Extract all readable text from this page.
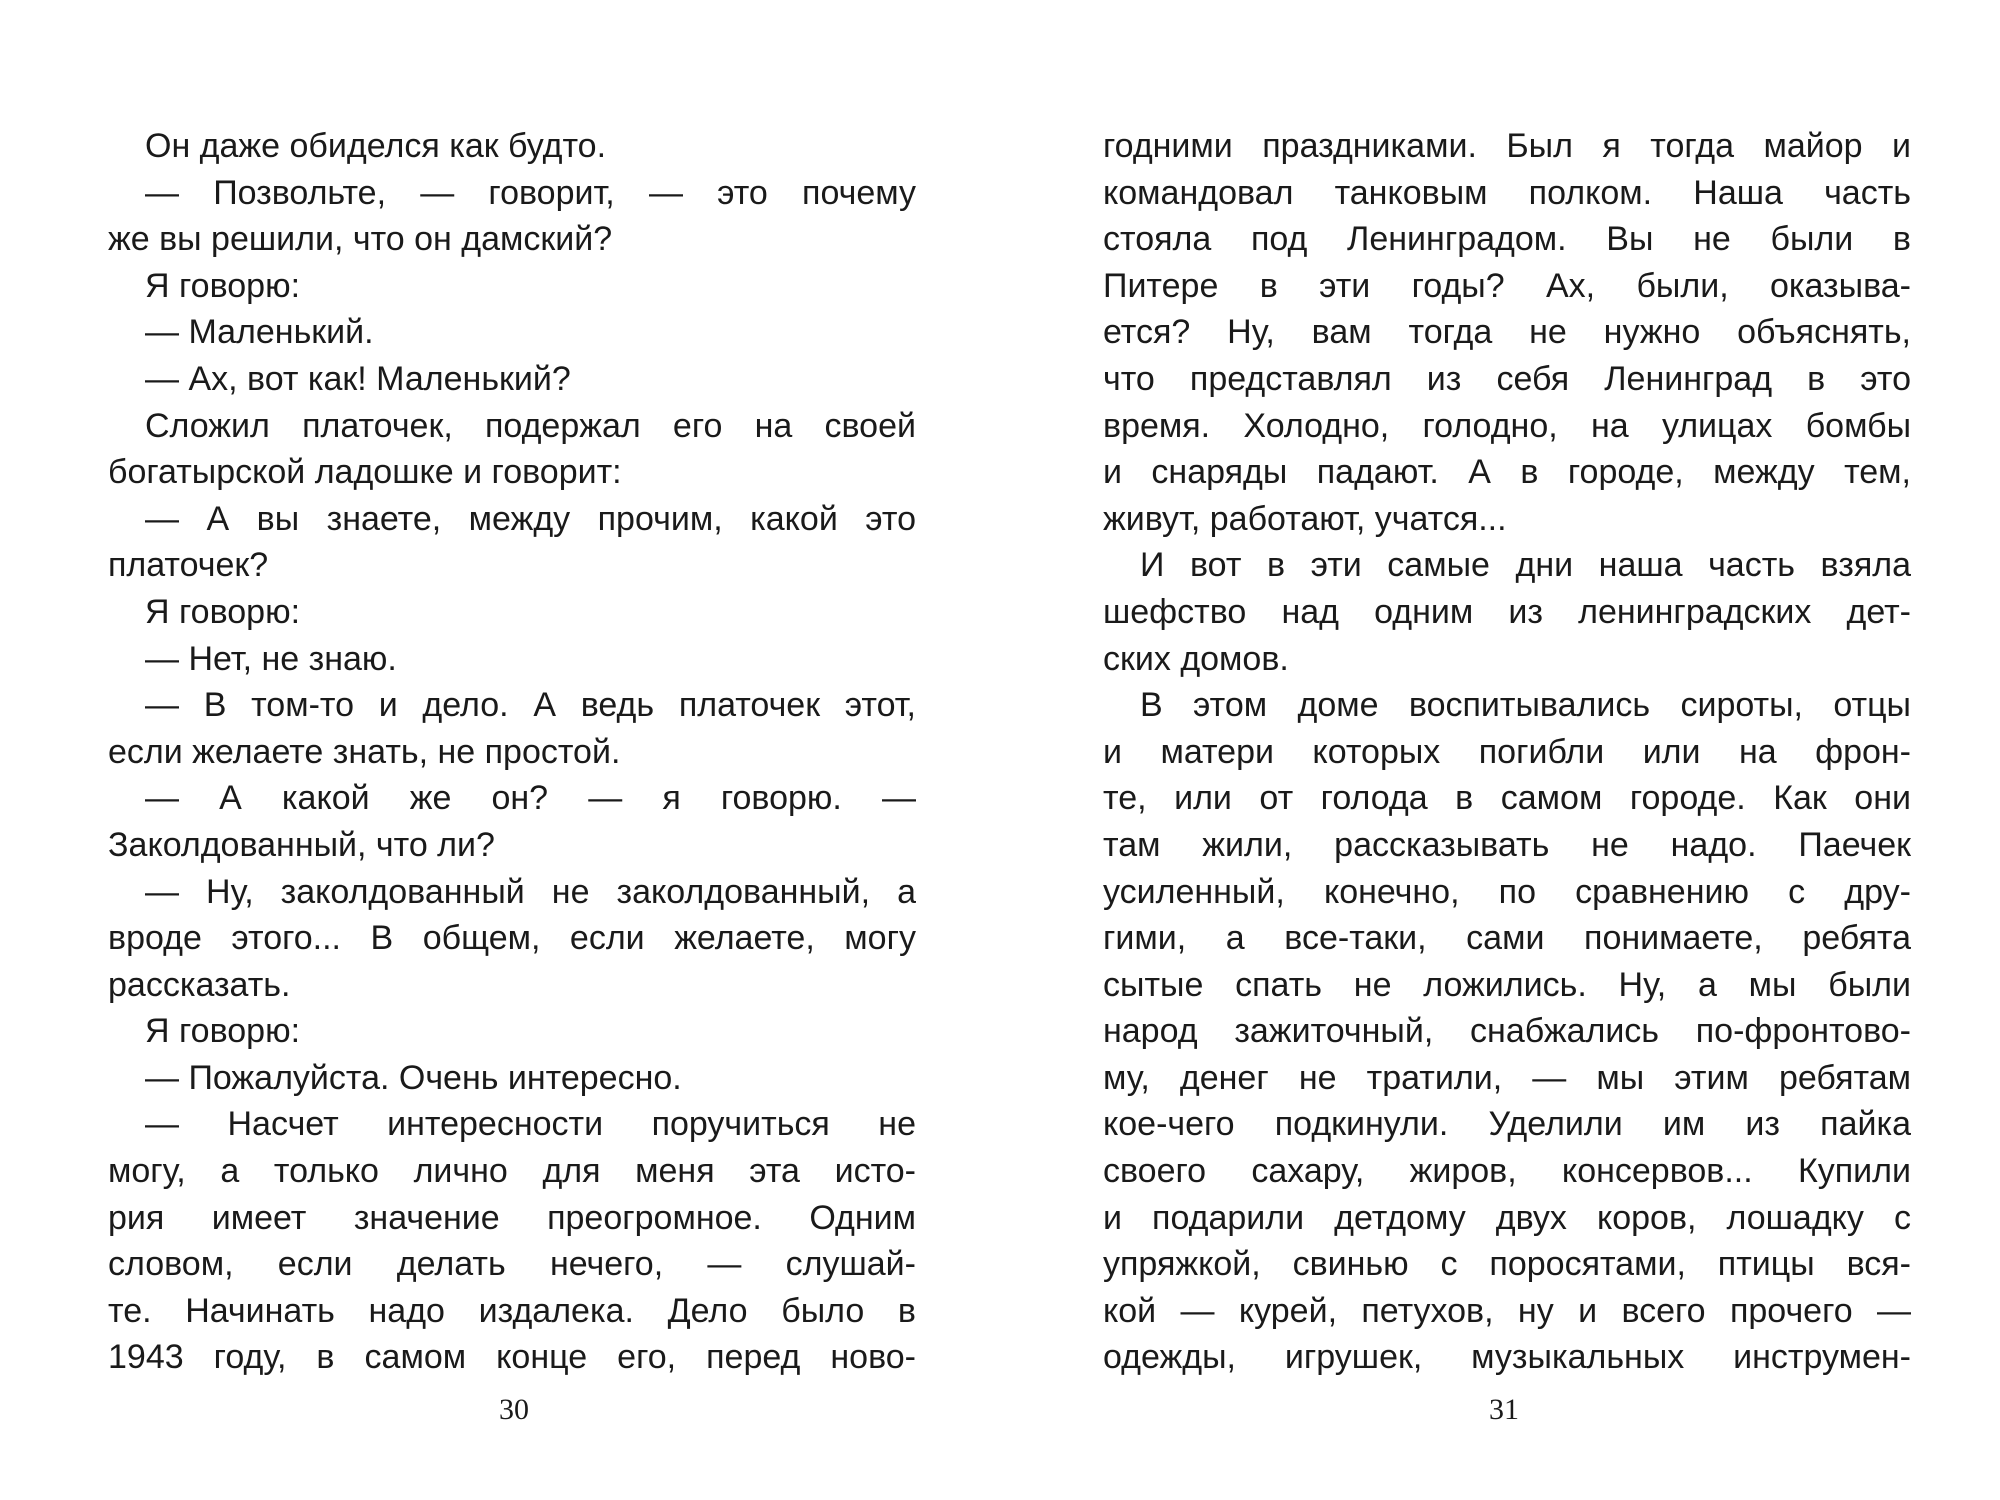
Он даже обиделся как будто.
— Позвольте, — говорит, — это почему
же вы решили, что он дамский?
Я говорю:
— Маленький.
— Ах, вот как! Маленький?
Сложил платочек, подержал его на своей
богатырской ладошке и говорит:
— А вы знаете, между прочим, какой это
платочек?
Я говорю:
— Нет, не знаю.
— В том-то и дело. А ведь платочек этот,
если желаете знать, не простой.
— А какой же он? — я говорю. —
Заколдованный, что ли?
— Ну, заколдованный не заколдованный, а
вроде этого... В общем, если желаете, могу
рассказать.
Я говорю:
— Пожалуйста. Очень интересно.
— Насчет интересности поручиться не
могу, а только лично для меня эта исто-
рия имеет значение преогромное. Одним
словом, если делать нечего, — слушай-
те. Начинать надо издалека. Дело было в
1943 году, в самом конце его, перед ново-
30
годними праздниками. Был я тогда майор и
командовал танковым полком. Наша часть
стояла под Ленинградом. Вы не были в
Питере в эти годы? Ах, были, оказыва-
ется? Ну, вам тогда не нужно объяснять,
что представлял из себя Ленинград в это
время. Холодно, голодно, на улицах бомбы
и снаряды падают. А в городе, между тем,
живут, работают, учатся...
И вот в эти самые дни наша часть взяла
шефство над одним из ленинградских дет-
ских домов.
В этом доме воспитывались сироты, отцы
и матери которых погибли или на фрон-
те, или от голода в самом городе. Как они
там жили, рассказывать не надо. Паечек
усиленный, конечно, по сравнению с дру-
гими, а все-таки, сами понимаете, ребята
сытые спать не ложились. Ну, а мы были
народ зажиточный, снабжались по-фронтово-
му, денег не тратили, — мы этим ребятам
кое-чего подкинули. Уделили им из пайка
своего сахару, жиров, консервов... Купили
и подарили детдому двух коров, лошадку с
упряжкой, свинью с поросятами, птицы вся-
кой — курей, петухов, ну и всего прочего —
одежды, игрушек, музыкальных инструмен-
31
